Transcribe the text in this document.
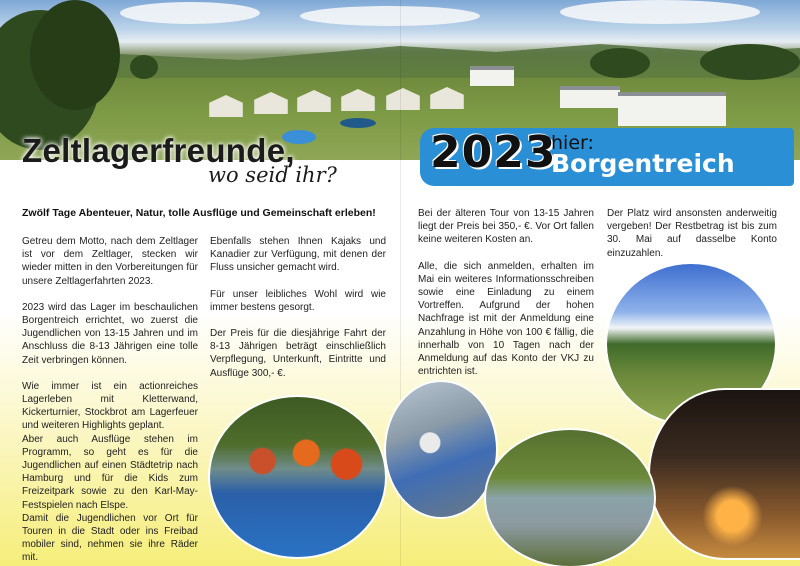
Zeltlagerfreunde,
wo seid ihr? 2023
hier:
Borgentreich
Zwölf Tage Abenteuer, Natur, tolle Ausflüge und Gemeinschaft erleben!

Getreu dem Motto, nach dem Zeltlager ist vor dem Zeltlager, stecken wir wieder mitten in den Vorbereitungen für unsere Zeltlagerfahrten 2023.

2023 wird das Lager im beschaulichen Borgentreich errichtet, wo zuerst die Jugendlichen von 13-15 Jahren und im Anschluss die 8-13 Jährigen eine tolle Zeit verbringen können.

Wie immer ist ein actionreiches Lagerleben mit Kletterwand, Kickerturnier, Stockbrot am Lagerfeuer und weiteren Highlights geplant.

Aber auch Ausflüge stehen im Programm, so geht es für die Jugendlichen auf einen Städtetrip nach Hamburg und für die Kids zum Freizeitpark sowie zu den Karl-May-Festspielen nach Elspe.

Damit die Jugendlichen vor Ort für Touren in die Stadt oder ins Freibad mobiler sind, nehmen sie ihre Räder mit.

Ebenfalls stehen Ihnen Kajaks und Kanadier zur Verfügung, mit denen der Fluss unsicher gemacht wird.

Für unser leibliches Wohl wird wie immer bestens gesorgt.

Der Preis für die diesjährige Fahrt der 8-13 Jährigen beträgt einschließlich Verpflegung, Unterkunft, Eintritte und Ausflüge 300,- €.

Bei der älteren Tour von 13-15 Jahren liegt der Preis bei 350,- €. Vor Ort fallen keine weiteren Kosten an.

Alle, die sich anmelden, erhalten im Mai ein weiteres Informationsschreiben sowie eine Einladung zu einem Vortreffen. Aufgrund der hohen Nachfrage ist mit der Anmeldung eine Anzahlung in Höhe von 100 € fällig, die innerhalb von 10 Tagen nach der Anmeldung auf das Konto der VKJ zu entrichten ist.

Der Platz wird ansonsten anderweitig vergeben! Der Restbetrag ist bis zum 30. Mai auf dasselbe Konto einzuzahlen.
